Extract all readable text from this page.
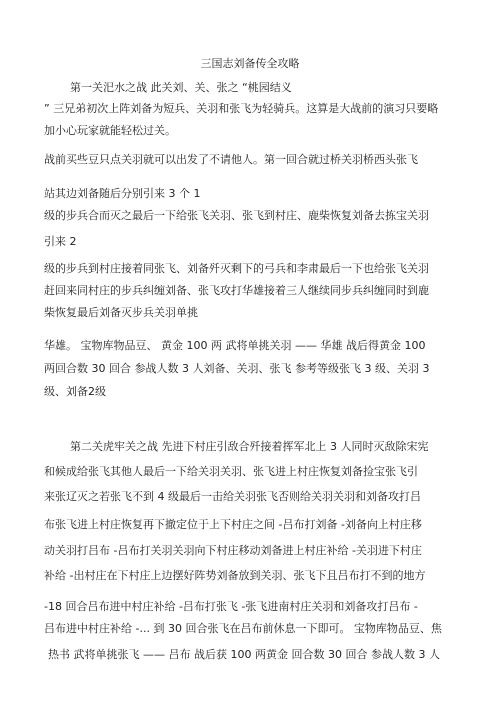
三国志刘备传全攻略
第一关汜水之战 此关刘、关、张之 “桃园结义
” 三兄弟初次上阵刘备为短兵、关羽和张飞为轻骑兵。这算是大战前的演习只要略
加小心玩家就能轻松过关。
战前买些豆只点关羽就可以出发了不请他人。第一回合就过桥关羽桥西头张飞
站其边刘备随后分别引来 3 个 1
级的步兵合而灭之最后一下给张飞关羽、张飞到村庄、鹿柴恢复刘备去拣宝关羽
引来 2
级的步兵到村庄接着同张飞、刘备歼灭剩下的弓兵和李肃最后一下也给张飞关羽
赶回来同村庄的步兵纠缠刘备、张飞攻打华雄接着三人继续同步兵纠缠同时到鹿
柴恢复最后刘备灭步兵关羽单挑
华雄。 宝物库物品豆、 黄金 100 两 武将单挑关羽 —— 华雄 战后得黄金 100
两回合数 30 回合 参战人数 3 人刘备、关羽、张飞 参考等级张飞 3 级、关羽 3
级、刘备2级
第二关虎牢关之战 先进下村庄引敌合歼接着挥军北上 3 人同时灭敌除宋宪
和候成给张飞其他人最后一下给关羽关羽、张飞进上村庄恢复刘备捡宝张飞引
来张辽灭之若张飞不到 4 级最后一击给关羽张飞否则给关羽关羽和刘备攻打吕
布张飞进上村庄恢复再下撤定位于上下村庄之间 -吕布打刘备 -刘备向上村庄移
动关羽打吕布 -吕布打关羽关羽向下村庄移动刘备进上村庄补给 -关羽进下村庄
补给 -出村庄在下村庄上边摆好阵势刘备放到关羽、张飞下且吕布打不到的地方
-18 回合吕布进中村庄补给 -吕布打张飞 -张飞进南村庄关羽和刘备攻打吕布 -
吕布进中村庄补给 -... 到 30 回合张飞在吕布前休息一下即可。 宝物库物品豆、焦
热书 武将单挑张飞 —— 吕布 战后获 100 两黄金 回合数 30 回合 参战人数 3 人
